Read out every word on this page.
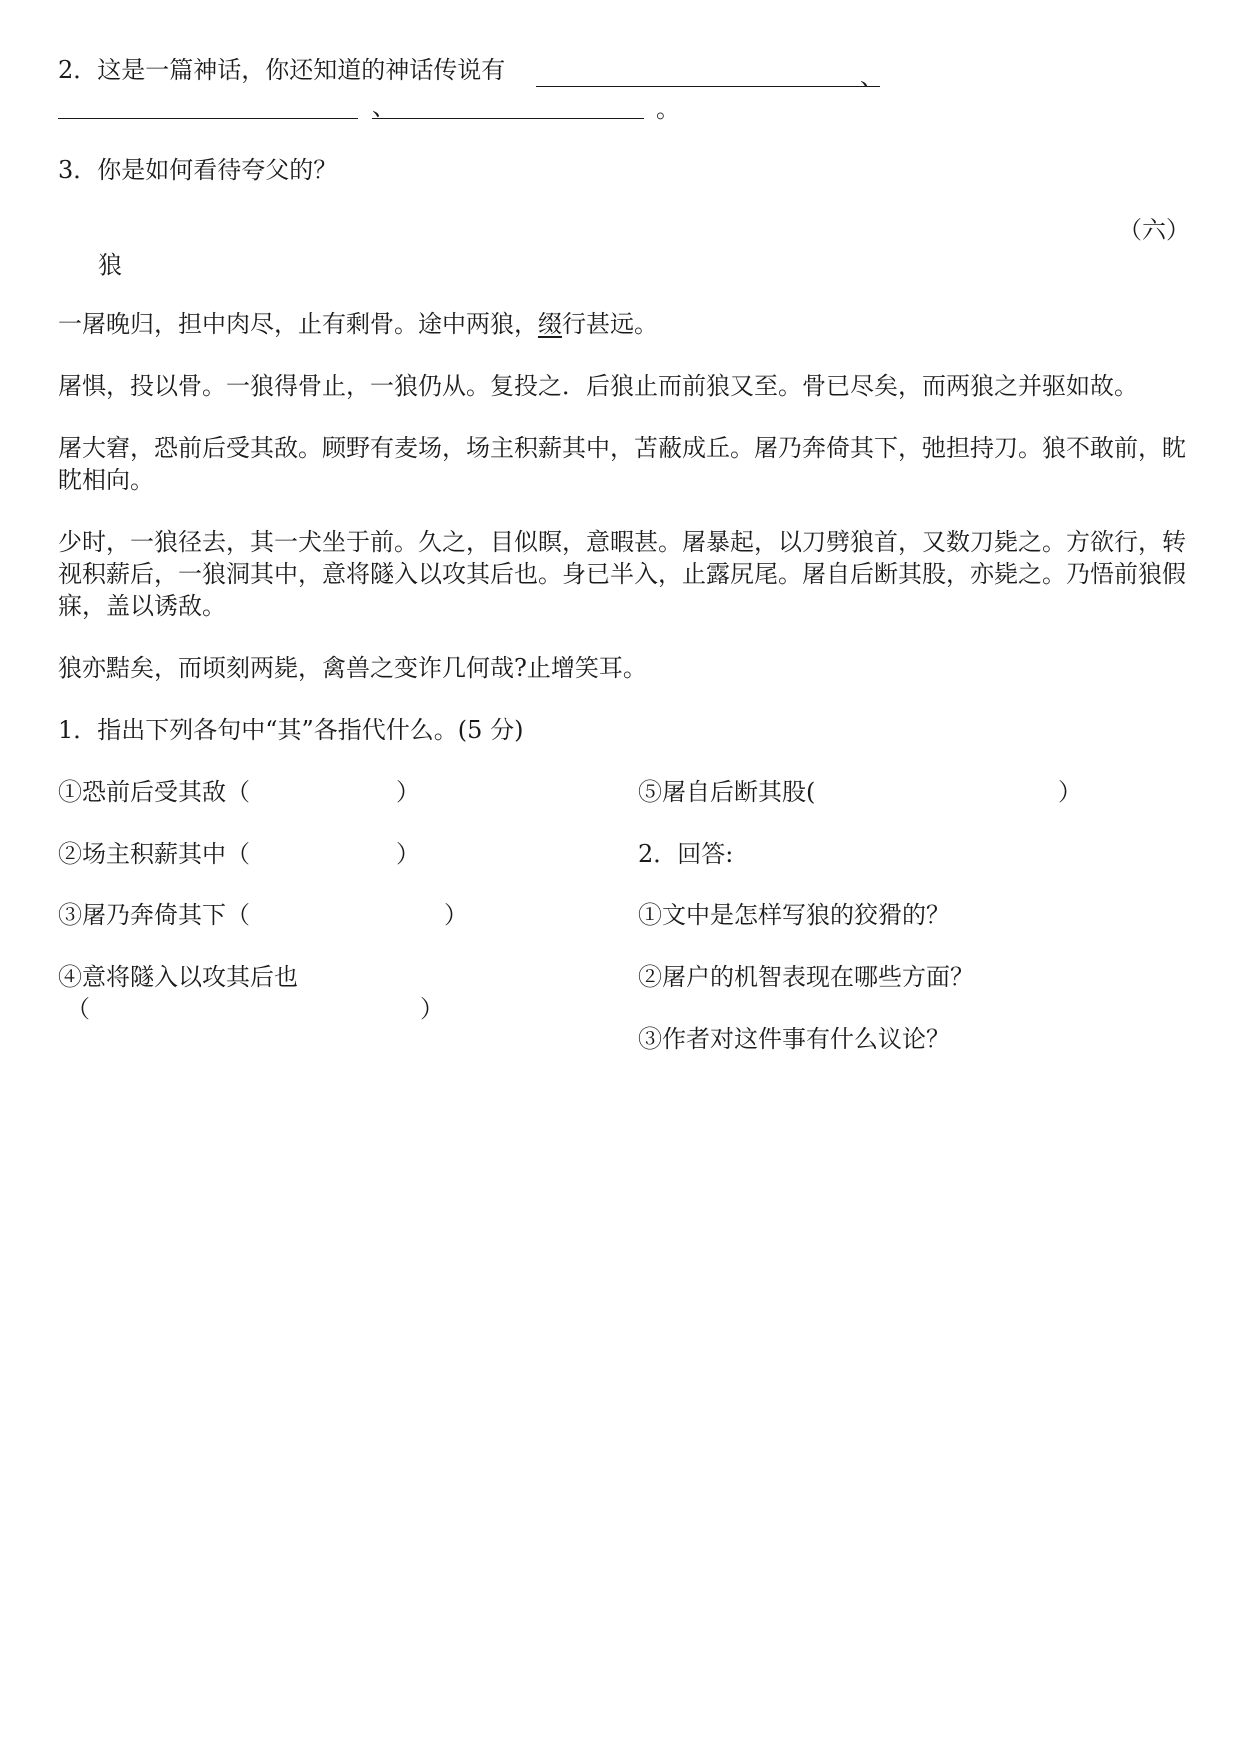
2．这是一篇神话，你还知道的神话传说有	、
、	。
3．你是如何看待夸父的？
（六）
狼
一屠晚归，担中肉尽，止有剩骨。途中两狼，缀行甚远。
屠惧，投以骨。一狼得骨止，一狼仍从。复投之．后狼止而前狼又至。骨已尽矣，而两狼之并驱如故。
屠大窘，恐前后受其敌。顾野有麦场，场主积薪其中，苫蔽成丘。屠乃奔倚其下，弛担持刀。狼不敢前，眈眈相向。
少时，一狼径去，其一犬坐于前。久之，目似瞑，意暇甚。屠暴起，以刀劈狼首，又数刀毙之。方欲行，转视积薪后，一狼洞其中，意将隧入以攻其后也。身已半入，止露尻尾。屠自后断其股，亦毙之。乃悟前狼假寐，盖以诱敌。
狼亦黠矣，而顷刻两毙，禽兽之变诈几何哉?止增笑耳。
1．指出下列各句中“其”各指代什么。(5 分)
①恐前后受其敌（	）
②场主积薪其中（	）
③屠乃奔倚其下（	）
④意将隧入以攻其后也
（	）
⑤屠自后断其股(	）
2．回答:
①文中是怎样写狼的狡猾的？
②屠户的机智表现在哪些方面？
③作者对这件事有什么议论？
